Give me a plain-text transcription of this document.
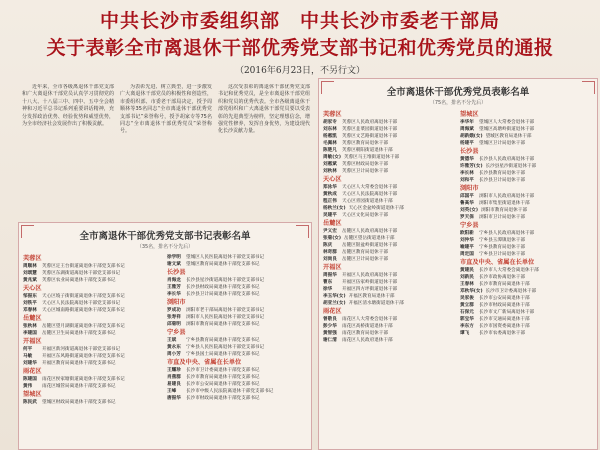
中共长沙市委组织部　中共长沙市委老干部局
关于表彰全市离退休干部优秀党支部书记和优秀党员的通报
（2016年6月23日，不另行文）

近年来，全市各级离退休干部党支部和广大离退休干部党员认真学习贯彻党的十八大、十八届三中、四中、五中全会精神和习近平总书记系列重要讲话精神，充分发挥政治优势、经验优势和威望优势，为全市经济社会发展作出了积极贡献。

为表彰先进、树立典型，进一步激发广大离退休干部党员的积极性和创造性，市委组织部、市委老干部局决定，授予周顺林等35名同志“全市离退休干部优秀党支部书记”荣誉称号，授予胡家专等75名同志“全市离退休干部优秀党员”荣誉称号。

这次受表彰的离退休干部优秀党支部书记和优秀党员，是全市离退休干部党组织和党员的优秀代表。全市各级离退休干部党组织和广大离退休干部党员要以受表彰的先进典型为榜样，坚定理想信念，增强党性修养，发挥自身优势，为建设现代化长沙贡献力量。

全市离退休干部优秀党支部书记表彰名单
（35名，排名不分先后）
芙蓉区
周顺林	芙蓉区定王台街道离退休干部党支部书记
刘颂慧	芙蓉区东湖街道离退休干部党支部书记
黄兆斌	芙蓉区农业局离退休干部党支部书记
天心区
邹振东	天心区坡子街街道离退休干部党支部书记
刘铁平	天心区人民法院离退休干部党支部书记
邓春林	天心区城南路街道离退休干部党支部书记
岳麓区
张秋林	岳麓区望月湖街道离退休干部党支部书记
李建国	岳麓区卫生局离退休干部党支部书记
开福区
何平	开福区新河街道离退休干部党支部书记
马敏	开福区东风路街道离退休干部党支部书记
刘建华	开福区教育局离退休干部党支部书记
雨花区
陈建国	雨花区侯家塘街道离退休干部党支部书记
黄伟	雨花区城管局离退休干部党支部书记
望城区
陈民武	望城区财政局离退休干部党支部书记
徐学明	望城区人民医院离退休干部党支部书记
谢文斌	望城区教育局离退休干部党支部书记
长沙县
肖海龙	长沙县星沙街道离退休干部党支部书记
王雅芳	长沙县财政局离退休干部党支部书记
李长华	长沙县卫计局离退休干部党支部书记
浏阳市
罗成功	浏阳市老干部局离退休干部党支部书记
张寿祥	浏阳市人民医院离退休干部党支部书记
邱菊明	浏阳市教育局离退休干部党支部书记
宁乡县
王斌	宁乡县教育局离退休干部党支部书记
黄永东	宁乡县人民医院离退休干部党支部书记
周小芳	宁乡县国土局离退休干部党支部书记
市直及中央、省属在长单位
王耀珍	长沙市卫计委离退休干部党支部书记
肖燕群	长沙市教育局离退休干部党支部书记
易建良	长沙市公安局离退休干部党支部书记
王峰	长沙市中级人民法院离退休干部党支部书记
唐振华	长沙市财政局离退休干部党支部书记
全市离退休干部优秀党员表彰名单
（75名，排名不分先后）
芙蓉区
胡家专	芙蓉区人民政府离退休干部
刘东林	芙蓉区韭菜园街道退休干部
杨惠凯	芙蓉区文艺路街道退休干部
毛佩林	芙蓉区教育局退休干部
陈楚凡	芙蓉区朝阳街道退休干部
周敏(女) 芙蓉区马王堆街道退休干部
刘惠斌	芙蓉区财政局退休干部
刘秋林	芙蓉区卫计局退休干部
天心区
郑泳华	天心区人大常委会退休干部
黄秋成	天心区人民法院离退休干部
程正伟	天心区青园街道退休干部
杨秋兰(女) 天心区金盆岭街道退休干部
吴建平	天心区文化局退休干部
岳麓区
尹义宏	岳麓区人民政府离退休干部
张菊(女) 岳麓区望岳街道退休干部
陈庆	岳麓区银盆岭街道退休干部
林奇群	岳麓区教育局退休干部
刘尚良	岳麓区卫计局退休干部
开福区
周振华	开福区人民政府离退休干部
曹东	开福区伍家岭街道退休干部
徐华	开福区四方坪街道退休干部
李玉华(女) 开福区教育局退休干部
胡亚兰(女) 开福区清水塘街道退休干部
雨花区
曾敬良	雨花区人大常委会退休干部
彭少华	雨花区高桥街道退休干部
黄智强	雨花区教育局退休干部
谢仁清	雨花区人民政府退休干部
望城区
李华年	望城区人大常委会退休干部
周海斌	望城区高塘岭街道退休干部
胡新娥(女) 望城区教育局退休干部
杨建平	望城区卫计局退休干部
长沙县
黄德华	长沙县人民政府离退休干部
许雅芳(女) 长沙县星沙街道退休干部
李长林	长沙县教育局退休干部
刘和平	长沙县卫计局退休干部
浏阳市
邱国平	浏阳市人民政府离退休干部
鲁高华	浏阳市集里街道退休干部
刘英(女) 浏阳市教育局退休干部
罗天保	浏阳市卫计局退休干部
宁乡县
欧阳新	宁乡县人民政府离退休干部
刘仲华	宁乡县玉潭镇退休干部
喻建平	宁乡县教育局退休干部
周定国	宁乡县卫计局退休干部
市直及中央、省属在长单位
黄建民	长沙市人大常委会离退休干部
刘新民	长沙市政协离退休干部
王春林	长沙市教育局离退休干部
邓秋华(女) 长沙市卫计委离退休干部
吴家俊	长沙市公安局离退休干部
黄立群	长沙市财政局离退休干部
石保元	长沙市文广新局离退休干部
郭宝华	长沙市交通局离退休干部
李东方	长沙市国资委离退休干部
谭飞	长沙市农委离退休干部
